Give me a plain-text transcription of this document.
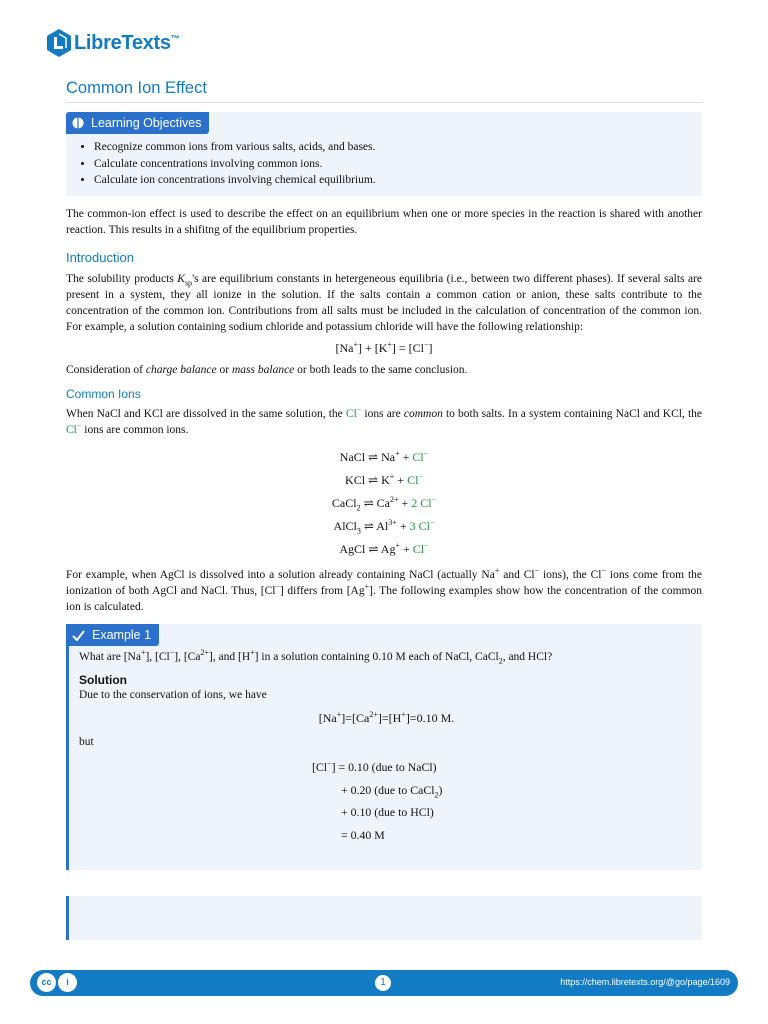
LibreTexts™
Common Ion Effect
Learning Objectives
• Recognize common ions from various salts, acids, and bases.
• Calculate concentrations involving common ions.
• Calculate ion concentrations involving chemical equilibrium.

The common-ion effect is used to describe the effect on an equilibrium when one or more species in the reaction is shared with another reaction. This results in a shifitng of the equilibrium properties.

Introduction

The solubility products $K_{sp}'s$ are equilibrium constants in hetergeneous equilibria (i.e., between two different phases). If several salts are present in a system, they all ionize in the solution. If the salts contain a common cation or anion, these salts contribute to the concentration of the common ion. Contributions from all salts must be included in the calculation of concentration of the common ion. For example, a solution containing sodium chloride and potassium chloride will have the following relationship:

[Na+] + [K+] = [Cl−]

Consideration of charge balance or mass balance or both leads to the same conclusion.

Common Ions

When NaCl and KCl are dissolved in the same solution, the Cl− ions are common to both salts. In a system containing NaCl and KCl, the Cl− ions are common ions.

NaCl ⇌ Na+ + Cl−
KCl ⇌ K+ + Cl−
CaCl$_2$ ⇌ $Ca^{2+} + 2$ Cl−
AlCl$_3$ ⇌ $Al^{3+} + 3$ Cl−
AgCl ⇌ Ag+ + Cl−

For example, when AgCl is dissolved into a solution already containing NaCl (actually Na+ and Cl− ions), the Cl− ions come from the ionization of both AgCl and NaCl. Thus, [Cl−] differs from [Ag+]. The following examples show how the concentration of the common ion is calculated.

Example 1
What are [Na+], [Cl−], $[Ca^{2+}]$, and [H+] in a solution containing 0.10 M each of NaCl, CaCl$_2$, and HCl?
Solution
Due to the conservation of ions, we have
$[Na^+]=[Ca^{2+}]=[H^+]=0.10$ M.
but
[Cl−] = 0.10 (due to NaCl)
+ 0.20 (due to CaCl$_2$)
+ 0.10 (due to HCl)
= 0.40 M
cc	i	1	https://chem.libretexts.org/@go/page/1609
